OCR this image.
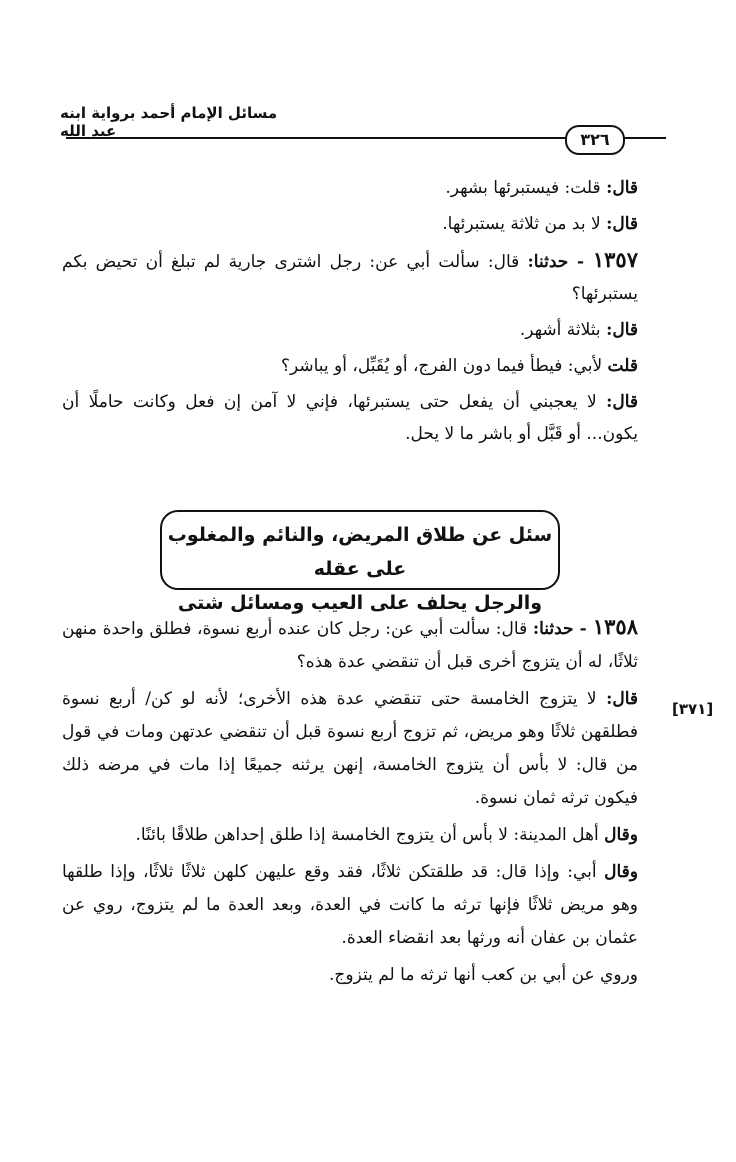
مسائل الإمام أحمد برواية ابنه عبد الله	٣٢٦

قال: قلت: فيستبرئها بشهر.

قال: لا بد من ثلاثة يستبرئها.

١٣٥٧ - حدثنا: قال: سألت أبي عن: رجل اشترى جارية لم تبلغ أن تحيض بكم يستبرئها؟

قال: بثلاثة أشهر.

قلت لأبي: فيطأ فيما دون الفرج، أو يُقَبِّل، أو يباشر؟

قال: لا يعجبني أن يفعل حتى يستبرئها، فإني لا آمن إن فعل وكانت حاملًا أن يكون... أو قَبَّل أو باشر ما لا يحل.

سئل عن طلاق المريض، والنائم والمغلوب على عقله
والرجل يحلف على العيب ومسائل شتى
[٣٧١]

١٣٥٨ - حدثنا: قال: سألت أبي عن: رجل كان عنده أربع نسوة، فطلق واحدة منهن ثلاثًا، له أن يتزوج أخرى قبل أن تنقضي عدة هذه؟

قال: لا يتزوج الخامسة حتى تنقضي عدة هذه الأخرى؛ لأنه لو كن/ أربع نسوة فطلقهن ثلاثًا وهو مريض، ثم تزوج أربع نسوة قبل أن تنقضي عدتهن ومات في قول من قال: لا بأس أن يتزوج الخامسة، إنهن يرثنه جميعًا إذا مات في مرضه ذلك فيكون ترثه ثمان نسوة.

وقال أهل المدينة: لا بأس أن يتزوج الخامسة إذا طلق إحداهن طلاقًا بائنًا.

وقال أبي: وإذا قال: قد طلقتكن ثلاثًا، فقد وقع عليهن كلهن ثلاثًا ثلاثًا، وإذا طلقها وهو مريض ثلاثًا فإنها ترثه ما كانت في العدة، وبعد العدة ما لم يتزوج، روي عن عثمان بن عفان أنه ورثها بعد انقضاء العدة.

وروي عن أبي بن كعب أنها ترثه ما لم يتزوج.
